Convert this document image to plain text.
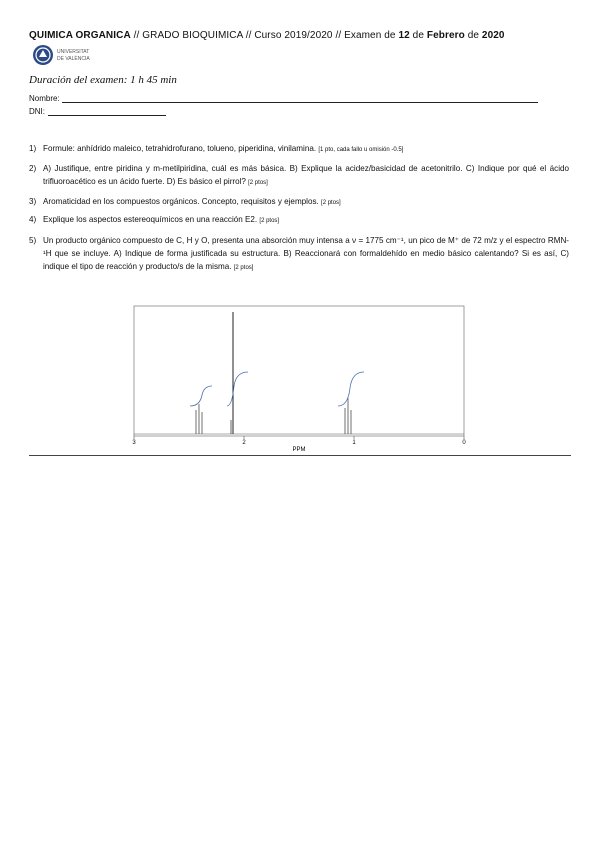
QUIMICA ORGANICA // GRADO BIOQUIMICA // Curso 2019/2020 // Examen de 12 de Febrero de 2020
UNIVERSITAT
DE VALÈNCIA
Duración del examen: 1 h 45 min
Nombre:
DNI:
1) Formule: anhídrido maleico, tetrahidrofurano, tolueno, piperidina, vinilamina. [1 pto, cada fallo u omisión -0.5]
2) A) Justifique, entre piridina y m-metilpiridina, cuál es más básica. B) Explique la acidez/basicidad de acetonitrilo. C) Indique por qué el ácido trifluoroacético es un ácido fuerte. D) Es básico el pirrol? [2 ptos]
3) Aromaticidad en los compuestos orgánicos. Concepto, requisitos y ejemplos. [2 ptos]
4) Explique los aspectos estereoquímicos en una reacción E2. [2 ptos]
5) Un producto orgánico compuesto de C, H y O, presenta una absorción muy intensa a ν = 1775 cm⁻¹, un pico de M⁺ de 72 m/z y el espectro RMN-¹H que se incluye. A) Indique de forma justificada su estructura. B) Reaccionará con formaldehído en medio básico calentando? Si es así, C) indique el tipo de reacción y producto/s de la misma. [2 ptos]
3	2	1	0
PPM
